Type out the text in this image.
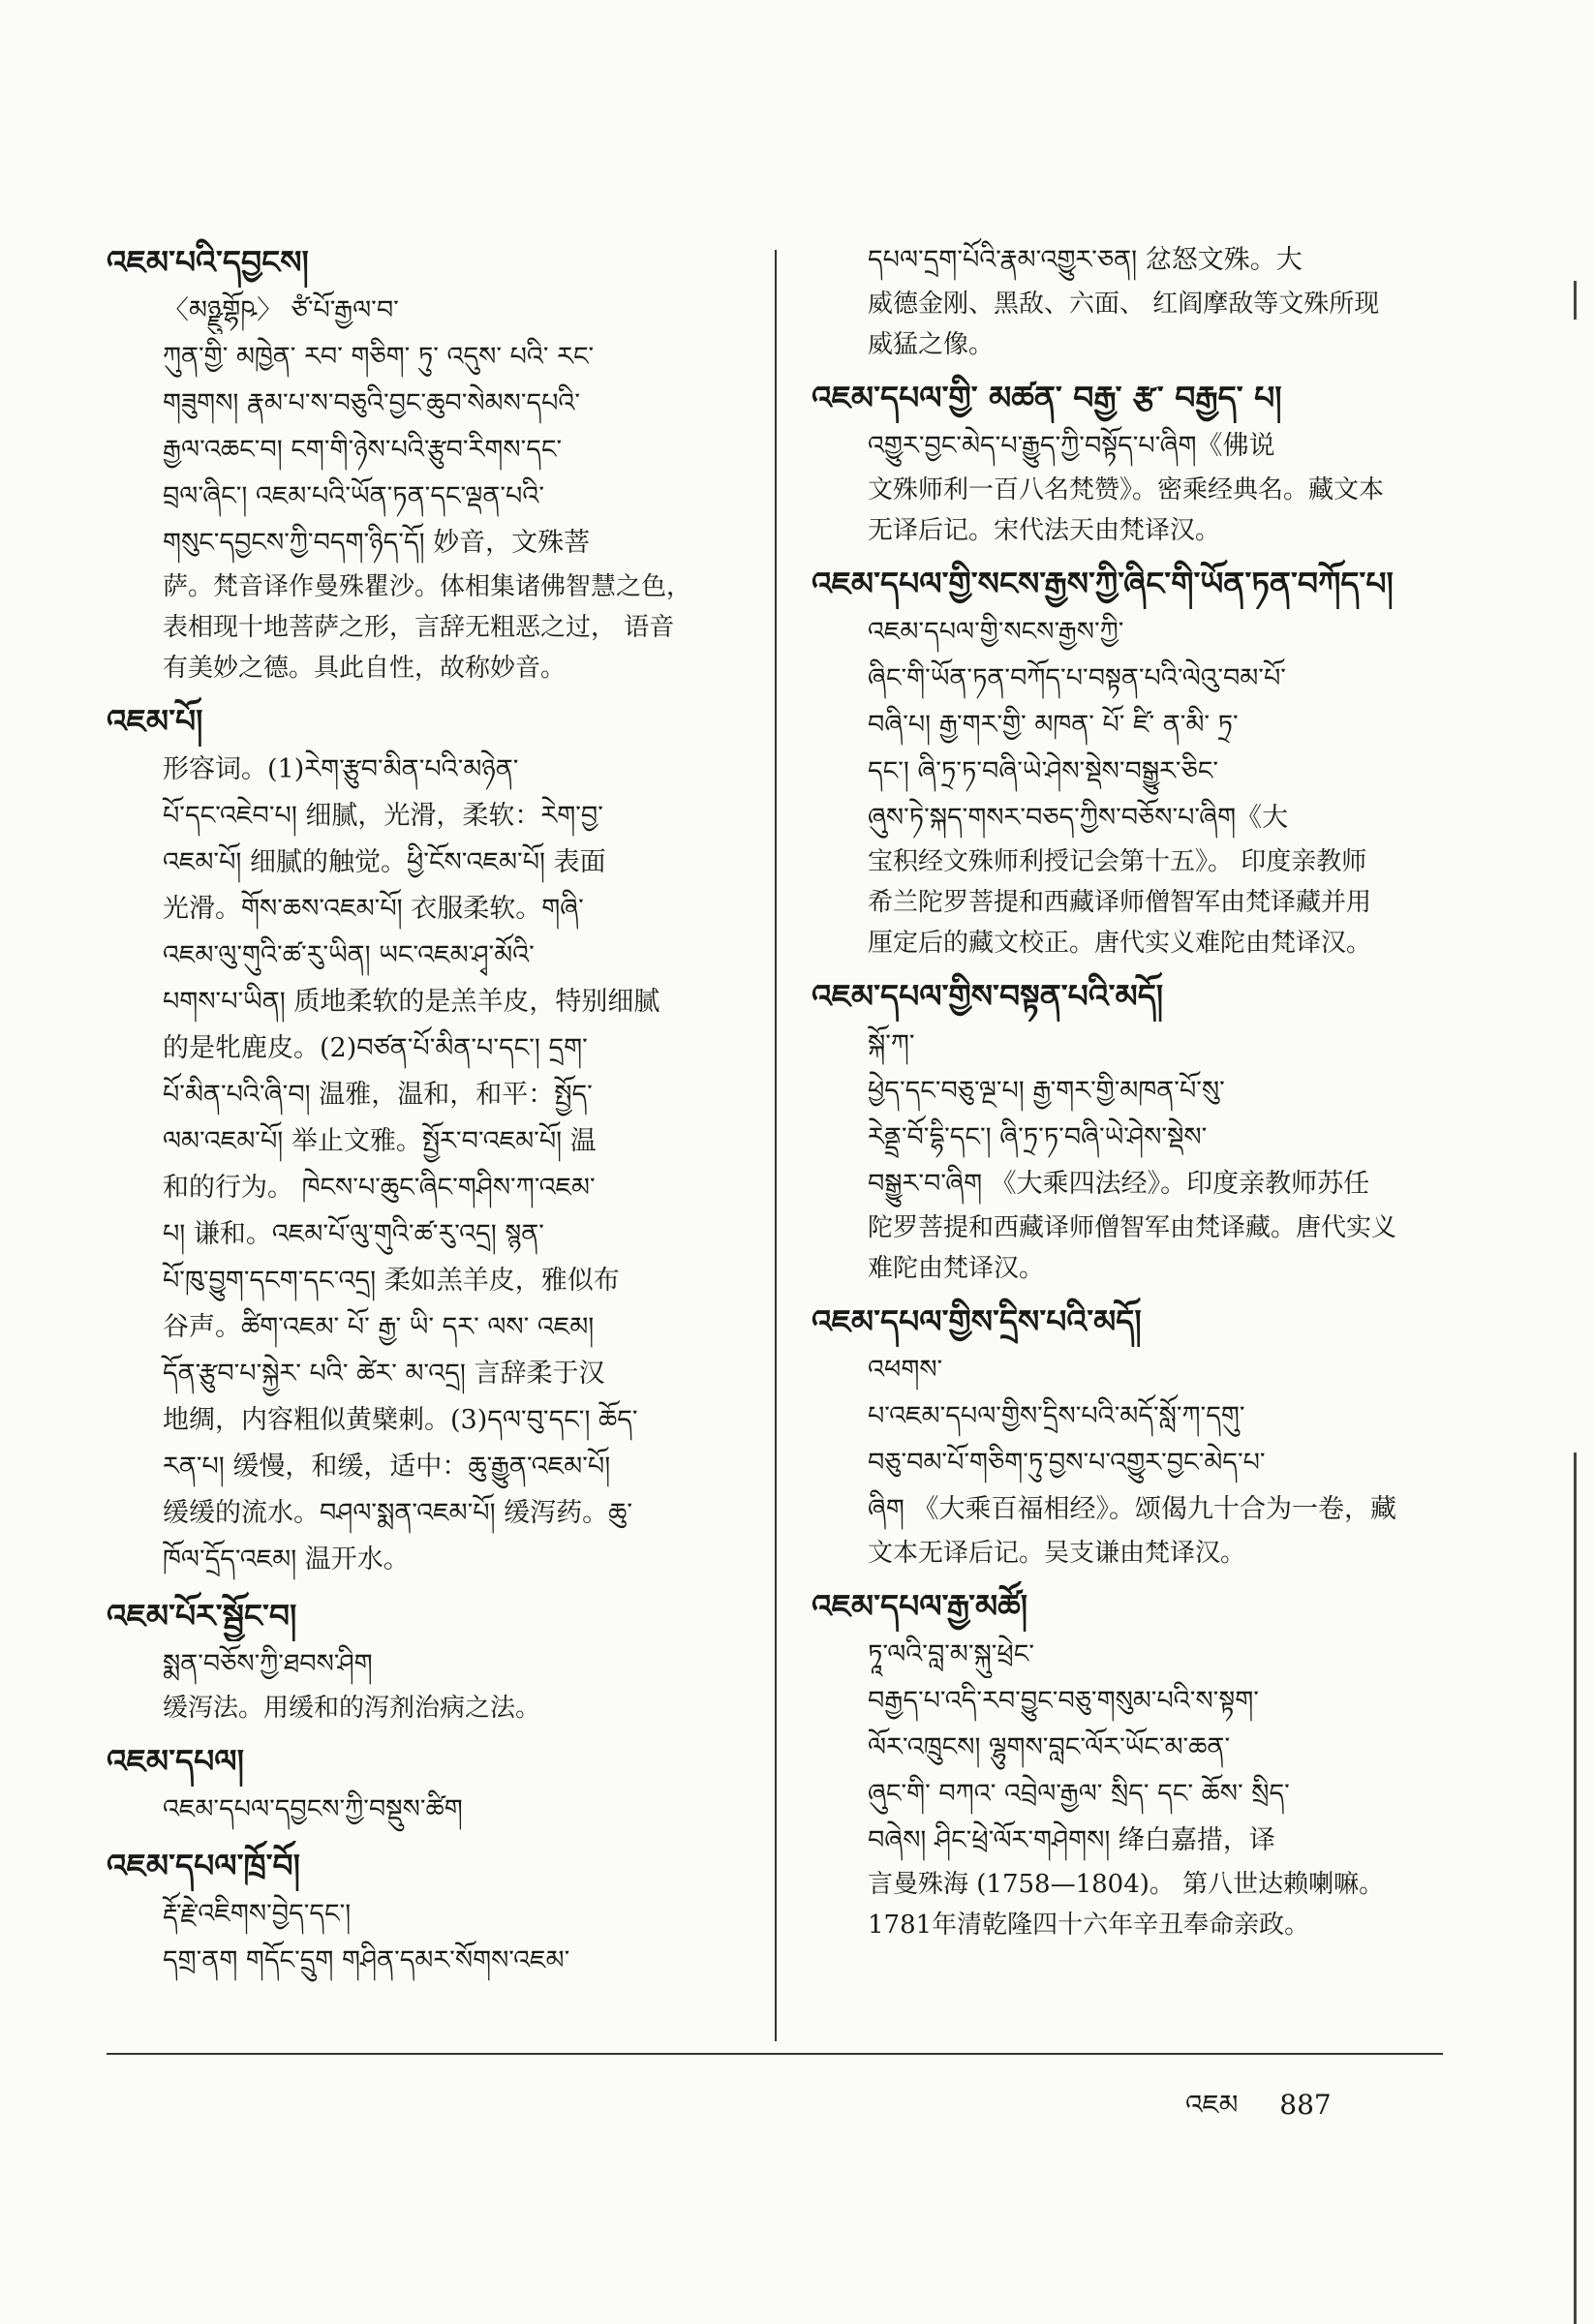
འཇམ་པའི་དབྱངས།
〈མཉྫུགྷོཥ〉 ཙཾ་པོ་རྒྱལ་བ་
ཀུན་གྱི་ མཁྱེན་ རབ་ གཅིག་ ཏུ་ འདུས་ པའི་ རང་
གཟུགས། རྣམ་པ་ས་བཅུའི་བྱང་ཆུབ་སེམས་དཔའི་
རྒྱལ་འཆང་བ། ངག་གི་ཉེས་པའི་རྩུབ་རིགས་དང་
བྲལ་ཞིང་། འཇམ་པའི་ཡོན་ཏན་དང་ལྡན་པའི་
གསུང་དབྱངས་ཀྱི་བདག་ཉིད་དོ། 妙音，文殊菩
萨。梵音译作曼殊瞿沙。体相集诸佛智慧之色，
表相现十地菩萨之形，言辞无粗恶之过， 语音
有美妙之德。具此自性，故称妙音。
འཇམ་པོ།
形容词。(1)རེག་རྩུབ་མིན་པའི་མཉེན་
པོ་དང་འཇེབ་པ། 细腻，光滑，柔软：རེག་བྱ་
འཇམ་པོ། 细腻的触觉。ཕྱི་ངོས་འཇམ་པོ། 表面
光滑。གོས་ཆས་འཇམ་པོ། 衣服柔软。གཞི་
འཇམ་ལུ་གུའི་ཚ་རུ་ཡིན། ཡང་འཇམ་ཤྭ་མོའི་
པགས་པ་ཡིན། 质地柔软的是羔羊皮，特别细腻
的是牝鹿皮。(2)བཙན་པོ་མིན་པ་དང་། དྲག་
པོ་མིན་པའི་ཞི་བ། 温雅，温和，和平：སྤྱོད་
ལམ་འཇམ་པོ། 举止文雅。སྤྱོར་བ་འཇམ་པོ། 温
和的行为。 ཁེངས་པ་ཆུང་ཞིང་གཤིས་ཀ་འཇམ་
པ། 谦和。འཇམ་པོ་ལུ་གུའི་ཚ་རུ་འདྲ། སྙན་
པོ་ཁུ་བྱུག་དངག་དང་འདྲ། 柔如羔羊皮，雅似布
谷声。ཚིག་འཇམ་ པོ་ རྒྱ་ ཡི་ དར་ ལས་ འཇམ།
དོན་རྩུབ་པ་སྐྱེར་ པའི་ ཚེར་ མ་འདྲ། 言辞柔于汉
地绸，内容粗似黄檗刺。(3)དལ་བུ་དང་། ཆོད་
རན་པ། 缓慢，和缓，适中：ཆུ་རྒྱུན་འཇམ་པོ།
缓缓的流水。བཤལ་སྨན་འཇམ་པོ། 缓泻药。ཆུ་
ཁོལ་དྲོད་འཇམ། 温开水。
འཇམ་པོར་སྦྱོང་བ།
སྨན་བཅོས་ཀྱི་ཐབས་ཤིག
缓泻法。用缓和的泻剂治病之法。
འཇམ་དཔལ།
འཇམ་དཔལ་དབྱངས་ཀྱི་བསྡུས་ཚིག
འཇམ་དཔལ་ཁྲོ་བོ།
རྡོ་རྗེ་འཇིགས་བྱེད་དང་།
དགྲ་ནག གདོང་དྲུག གཤིན་དམར་སོགས་འཇམ་
དཔལ་དྲག་པོའི་རྣམ་འགྱུར་ཅན། 忿怒文殊。大
威德金刚、黑敌、六面、 红阎摩敌等文殊所现
威猛之像。
འཇམ་དཔལ་གྱི་ མཚན་ བརྒྱ་ རྩ་ བརྒྱད་ པ།
འགྱུར་བྱང་མེད་པ་རྒྱུད་ཀྱི་བསྟོད་པ་ཞིག《佛说
文殊师利一百八名梵赞》。密乘经典名。藏文本
无译后记。宋代法天由梵译汉。
འཇམ་དཔལ་གྱི་སངས་རྒྱས་ཀྱི་ཞིང་གི་ཡོན་ཏན་བཀོད་པ།
འཇམ་དཔལ་གྱི་སངས་རྒྱས་ཀྱི་
ཞིང་གི་ཡོན་ཏན་བཀོད་པ་བསྟན་པའི་ལེའུ་བམ་པོ་
བཞི་པ། རྒྱ་གར་གྱི་ མཁན་ པོ་ ཛི་ ན་མི་ ཏྲ་
དང་། ཞི་ཏྲ་ཏ་བཞི་ཡེ་ཤེས་སྡེས་བསྒྱུར་ཅིང་
ཞུས་ཏེ་སྐད་གསར་བཅད་ཀྱིས་བཅོས་པ་ཞིག《大
宝积经文殊师利授记会第十五》。 印度亲教师
希兰陀罗菩提和西藏译师僧智军由梵译藏并用
厘定后的藏文校正。唐代实义难陀由梵译汉。
འཇམ་དཔལ་གྱིས་བསྟན་པའི་མདོ།
སྐོ་ཀ་
ཕྱེད་དང་བཅུ་ལྔ་པ། རྒྱ་གར་གྱི་མཁན་པོ་སུ་
རེནྡྲ་བོ་དྷི་དང་། ཞི་ཏྲ་ཏ་བཞི་ཡེ་ཤེས་སྡེས་
བསྒྱུར་བ་ཞིག 《大乘四法经》。印度亲教师苏任
陀罗菩提和西藏译师僧智军由梵译藏。唐代实义
难陀由梵译汉。
འཇམ་དཔལ་གྱིས་དྲིས་པའི་མདོ།
འཕགས་
པ་འཇམ་དཔལ་གྱིས་དྲིས་པའི་མདོ་སློ་ཀ་དགུ་
བཅུ་བམ་པོ་གཅིག་ཏུ་བྱས་པ་འགྱུར་བྱང་མེད་པ་
ཞིག 《大乘百福相经》。颂偈九十合为一卷，藏
文本无译后记。吴支谦由梵译汉。
འཇམ་དཔལ་རྒྱ་མཚོ།
ཏཱ་ལའི་བླ་མ་སྐུ་ཕྲེང་
བརྒྱད་པ་འདི་རབ་བྱུང་བཅུ་གསུམ་པའི་ས་སྟག་
ལོར་འཁྲུངས། ལྷུགས་བླང་ལོར་ཡོང་མ་ཆན་
ཞུང་གི་ བཀའ་ འབྲེལ་རྒྱལ་ སྲིད་ དང་ ཆོས་ སྲིད་
བཞེས། ཤིང་ཕྲེ་ལོར་གཤེགས། 绛白嘉措，译
言曼殊海 (1758—1804)。 第八世达赖喇嘛。
1781年清乾隆四十六年辛丑奉命亲政。
འཇམ 887
